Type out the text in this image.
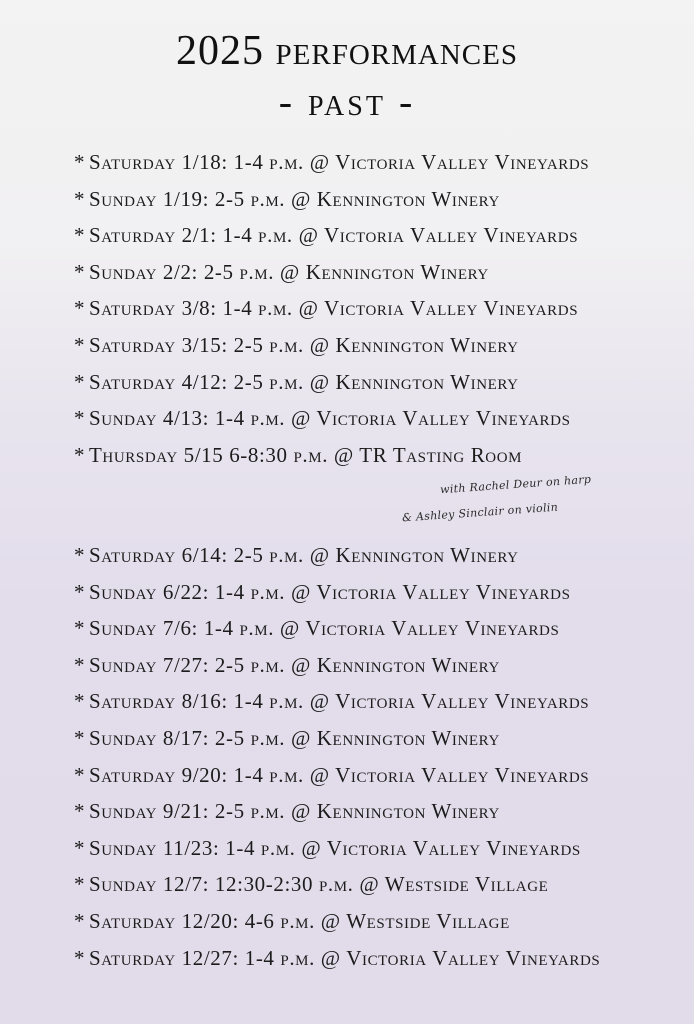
2025 performances
- past -
* Saturday 1/18: 1-4 p.m. @ Victoria Valley Vineyards
* Sunday 1/19: 2-5 p.m. @ Kennington Winery
* Saturday 2/1: 1-4 p.m. @ Victoria Valley Vineyards
* Sunday 2/2: 2-5 p.m. @ Kennington Winery
* Saturday 3/8: 1-4 p.m. @ Victoria Valley Vineyards
* Saturday 3/15: 2-5 p.m. @ Kennington Winery
* Saturday 4/12: 2-5 p.m. @ Kennington Winery
* Sunday 4/13: 1-4 p.m. @ Victoria Valley Vineyards
* Thursday 5/15 6-8:30 p.m. @ TR Tasting Room
with Rachel Deur on harp
& Ashley Sinclair on violin
* Saturday 6/14: 2-5 p.m. @ Kennington Winery
* Sunday 6/22: 1-4 p.m. @ Victoria Valley Vineyards
* Sunday 7/6: 1-4 p.m. @ Victoria Valley Vineyards
* Sunday 7/27: 2-5 p.m. @ Kennington Winery
* Saturday 8/16: 1-4 p.m. @ Victoria Valley Vineyards
* Sunday 8/17: 2-5 p.m. @ Kennington Winery
* Saturday 9/20: 1-4 p.m. @ Victoria Valley Vineyards
* Sunday 9/21: 2-5 p.m. @ Kennington Winery
* Sunday 11/23: 1-4 p.m. @ Victoria Valley Vineyards
* Sunday 12/7: 12:30-2:30 p.m. @ Westside Village
* Saturday 12/20: 4-6 p.m. @ Westside Village
* Saturday 12/27: 1-4 p.m. @ Victoria Valley Vineyards
